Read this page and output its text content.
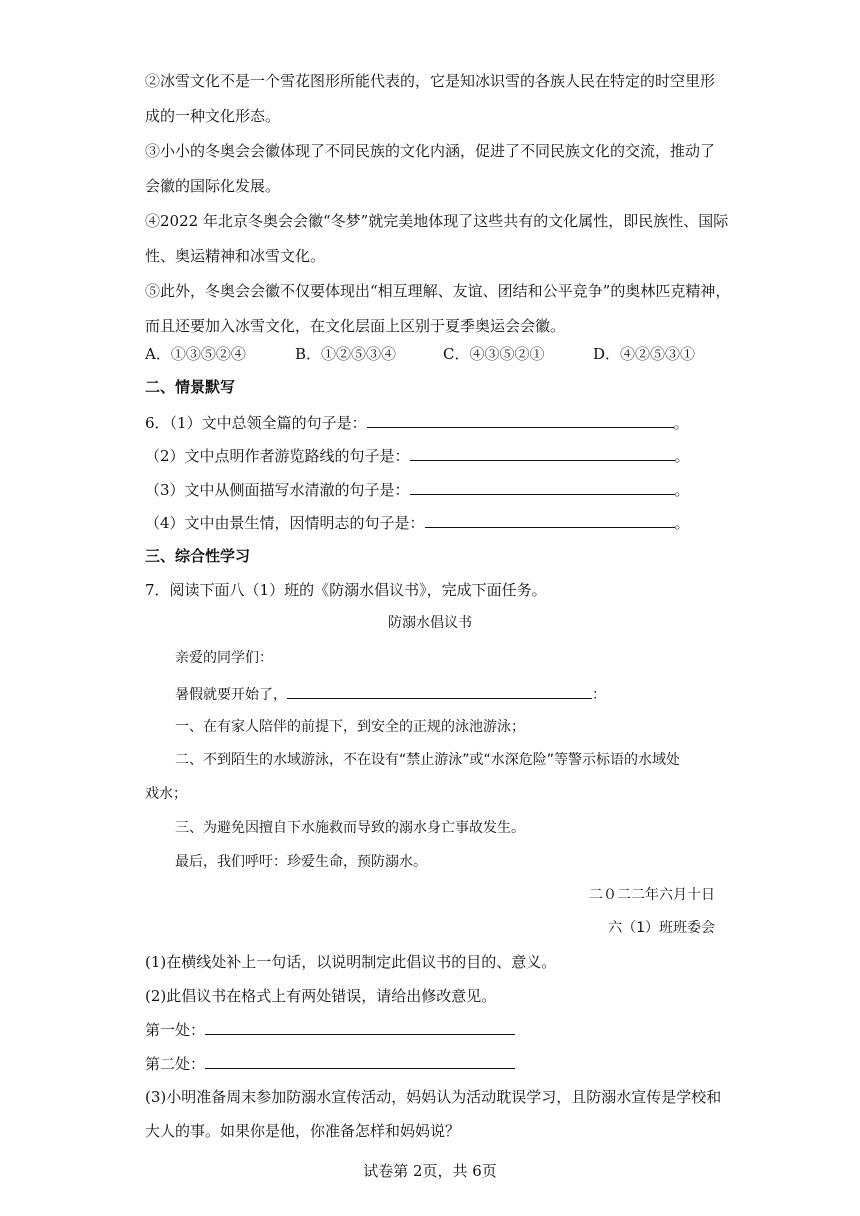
②冰雪文化不是一个雪花图形所能代表的，它是知冰识雪的各族人民在特定的时空里形
成的一种文化形态。
③小小的冬奥会会徽体现了不同民族的文化内涵，促进了不同民族文化的交流，推动了
会徽的国际化发展。
④2022 年北京冬奥会会徽“冬梦”就完美地体现了这些共有的文化属性，即民族性、国际
性、奥运精神和冰雪文化。
⑤此外，冬奥会会徽不仅要体现出“相互理解、友谊、团结和公平竞争”的奥林匹克精神，
而且还要加入冰雪文化，在文化层面上区别于夏季奥运会会徽。
A．①③⑤②④	B．①②⑤③④	C．④③⑤②①	D．④②⑤③①
二、情景默写
6．（1）文中总领全篇的句子是：	。
（2）文中点明作者游览路线的句子是：	。
（3）文中从侧面描写水清澈的句子是：	。
（4）文中由景生情，因情明志的句子是：	。
三、综合性学习
7．阅读下面八（1）班的《防溺水倡议书》，完成下面任务。
防溺水倡议书
亲爱的同学们：
暑假就要开始了，	：
一、在有家人陪伴的前提下，到安全的正规的泳池游泳；
二、不到陌生的水域游泳，不在设有“禁止游泳”或“水深危险”等警示标语的水域处
戏水；
三、为避免因擅自下水施救而导致的溺水身亡事故发生。
最后，我们呼吁：珍爱生命，预防溺水。
二０二二年六月十日
六（1）班班委会
(1)在横线处补上一句话，以说明制定此倡议书的目的、意义。
(2)此倡议书在格式上有两处错误，请给出修改意见。
第一处：
第二处：
(3)小明准备周末参加防溺水宣传活动，妈妈认为活动耽误学习，且防溺水宣传是学校和
大人的事。如果你是他，你准备怎样和妈妈说？
试卷第 2页，共 6页
